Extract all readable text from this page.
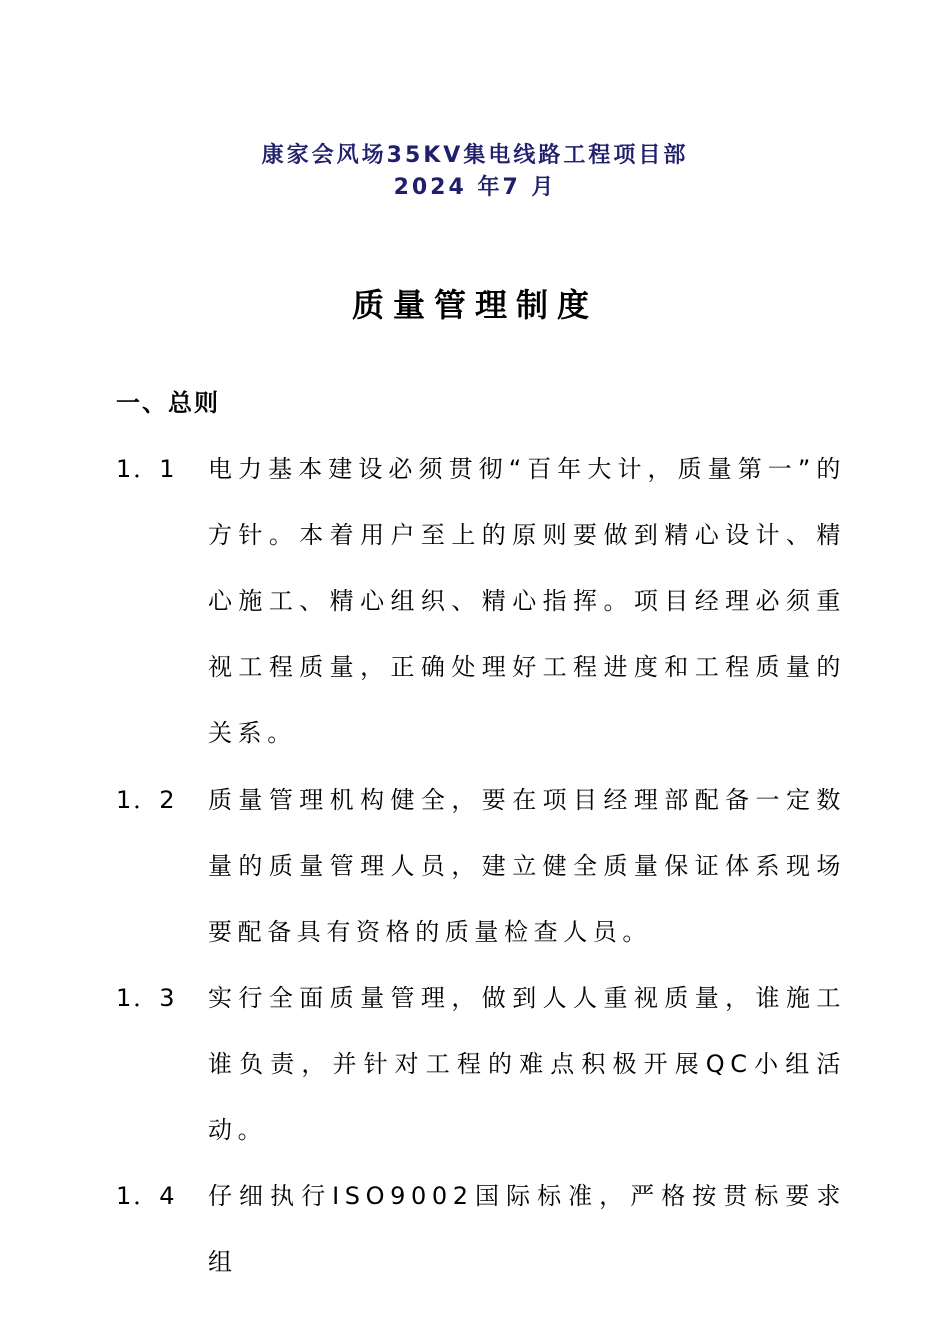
康家会风场35KV集电线路工程项目部
2024 年7 月
质量管理制度
一、总则
1．1	电力基本建设必须贯彻“百年大计，质量第一”的方针。本着用户至上的原则要做到精心设计、精心施工、精心组织、精心指挥。项目经理必须重视工程质量，正确处理好工程进度和工程质量的关系。
1．2	质量管理机构健全，要在项目经理部配备一定数量的质量管理人员，建立健全质量保证体系现场要配备具有资格的质量检查人员。
1．3	实行全面质量管理，做到人人重视质量，谁施工谁负责，并针对工程的难点积极开展QC小组活动。
1．4	仔细执行ISO9002国际标准，严格按贯标要求组
